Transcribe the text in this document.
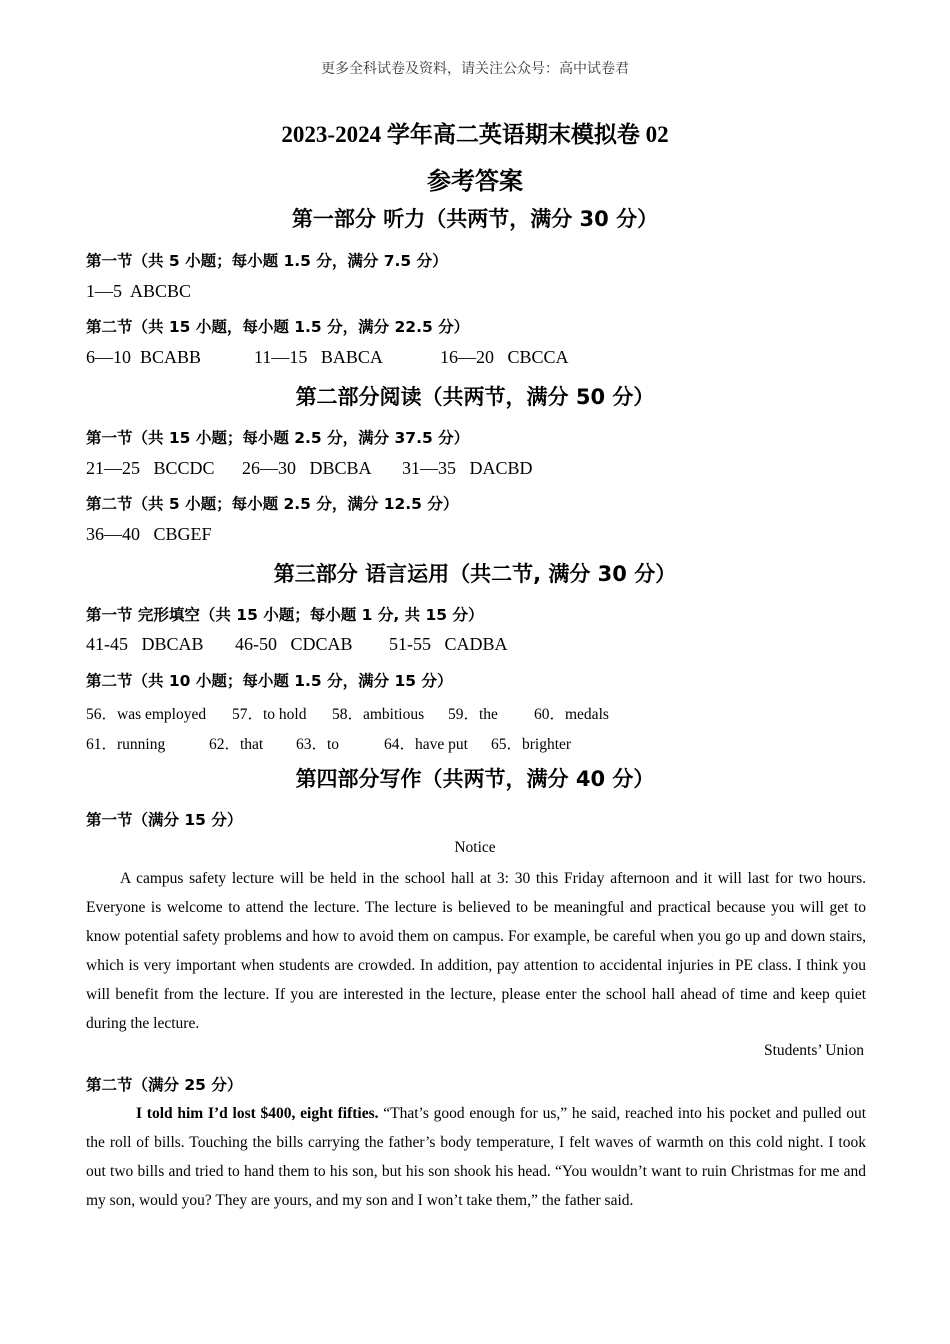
更多全科试卷及资料，请关注公众号：高中试卷君
2023-2024 学年高二英语期末模拟卷 02
参考答案
第一部分 听力（共两节，满分 30 分）
第一节（共 5 小题；每小题 1.5 分，满分 7.5 分）
1—5  ABCBC
第二节（共 15 小题，每小题 1.5 分，满分 22.5 分）
6—10  BCABB	11—15   BABCA	16—20   CBCCA
第二部分阅读（共两节，满分 50 分）
第一节（共 15 小题；每小题 2.5 分，满分 37.5 分）
21—25   BCCDC 26—30   DBCBA 31—35   DACBD
第二节（共 5 小题；每小题 2.5 分，满分 12.5 分）
36—40   CBGEF
第三部分 语言运用（共二节, 满分 30 分）
第一节 完形填空（共 15 小题；每小题 1 分, 共 15 分）
41-45   DBCAB 46-50   CDCAB 51-55   CADBA
第二节（共 10 小题；每小题 1.5 分，满分 15 分）
56．was employed 57．to hold 58．ambitious 59．the 60．medals
61．running	62．that 63．to	64．have put 65．brighter
第四部分写作（共两节，满分 40 分）
第一节（满分 15 分）
Notice

A campus safety lecture will be held in the school hall at 3: 30 this Friday afternoon and it will last for two hours. Everyone is welcome to attend the lecture. The lecture is believed to be meaningful and practical because you will get to know potential safety problems and how to avoid them on campus. For example, be careful when you go up and down stairs, which is very important when students are crowded. In addition, pay attention to accidental injuries in PE class. I think you will benefit from the lecture. If you are interested in the lecture, please enter the school hall ahead of time and keep quiet during the lecture.

Students’ Union
第二节（满分 25 分）

I told him I’d lost $400, eight fifties. “That’s good enough for us,” he said, reached into his pocket and pulled out the roll of bills. Touching the bills carrying the father’s body temperature, I felt waves of warmth on this cold night. I took out two bills and tried to hand them to his son, but his son shook his head. “You wouldn’t want to ruin Christmas for me and my son, would you? They are yours, and my son and I won’t take them,” the father said.
